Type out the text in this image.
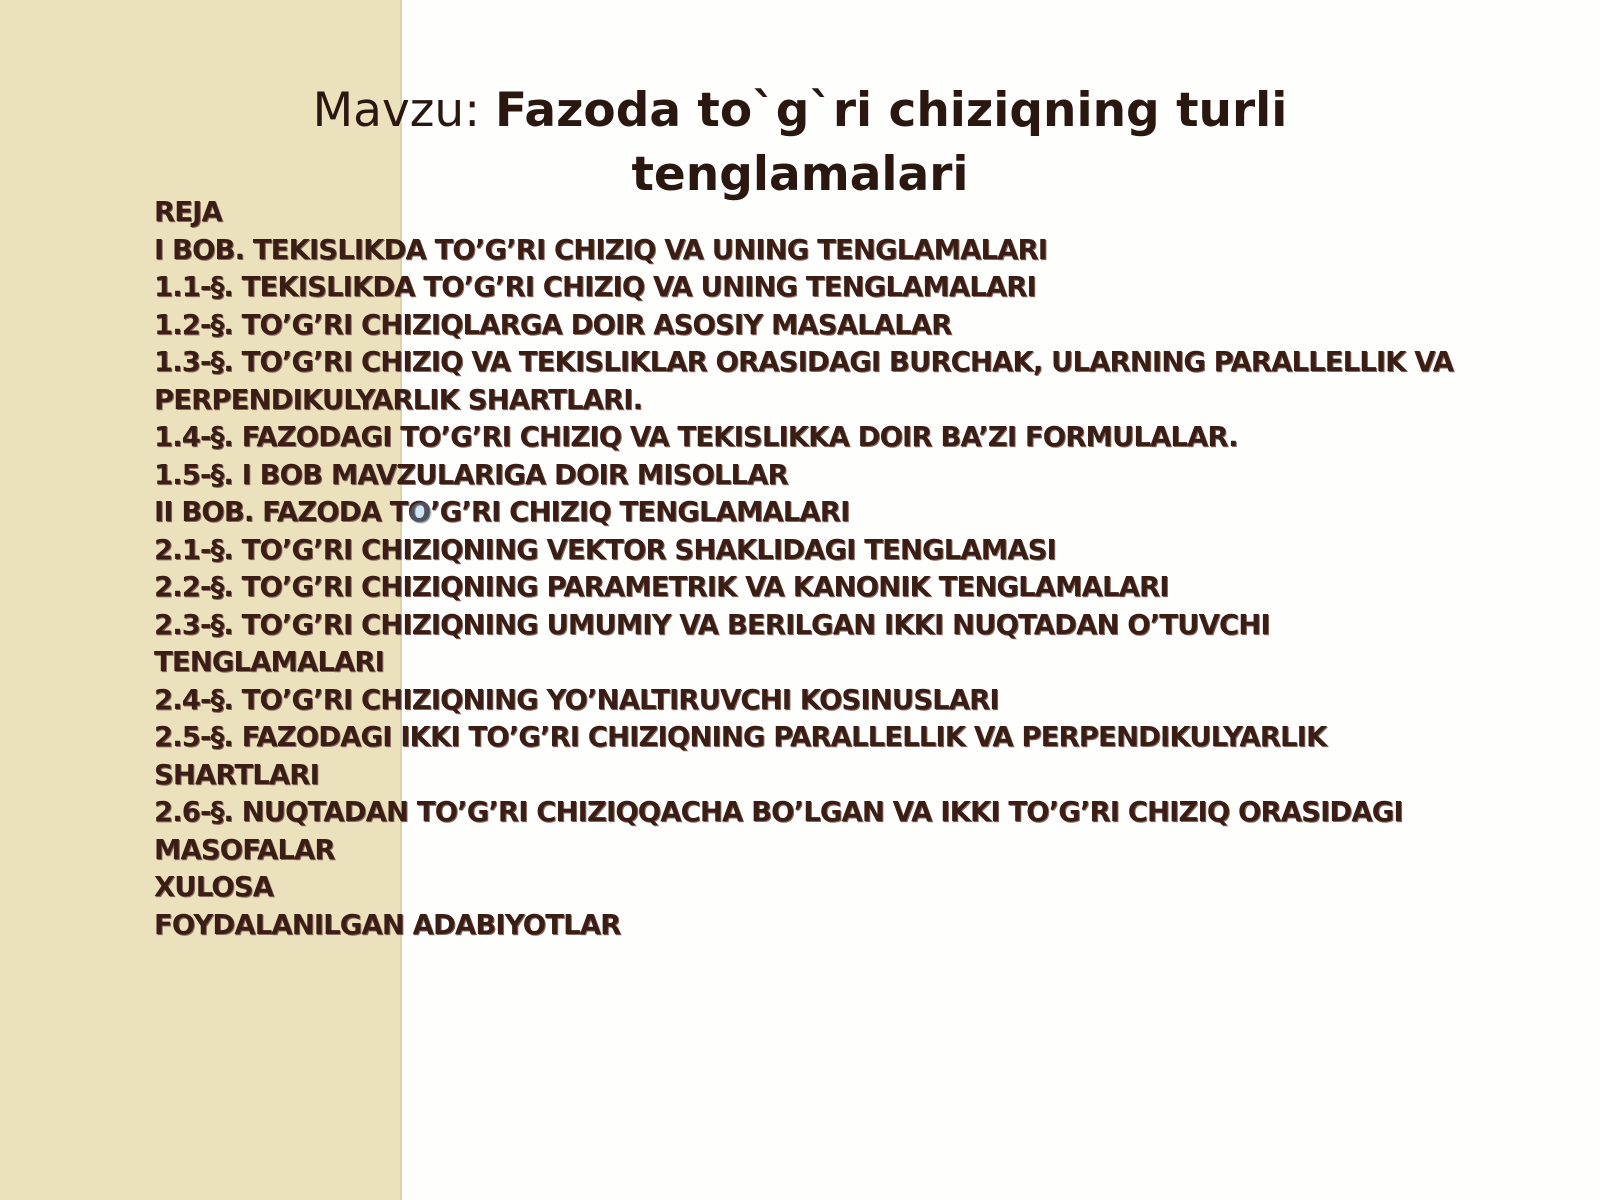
Mavzu: Fazoda to`g`ri chiziqning turli tenglamalari
REJA
I BOB. TEKISLIKDA TO’G’RI CHIZIQ VA UNING TENGLAMALARI
1.1-§. TEKISLIKDA TO’G’RI CHIZIQ VA UNING TENGLAMALARI
1.2-§. TO’G’RI CHIZIQLARGA DOIR ASOSIY MASALALAR
1.3-§. TO’G’RI CHIZIQ VA TEKISLIKLAR ORASIDAGI BURCHAK, ULARNING PARALLELLIK VA PERPENDIKULYARLIK SHARTLARI.
1.4-§. FAZODAGI TO’G’RI CHIZIQ VA TEKISLIKKA DOIR BA’ZI FORMULALAR.
1.5-§. I BOB MAVZULARIGA DOIR MISOLLAR
II BOB. FAZODA TO’G’RI CHIZIQ TENGLAMALARI
2.1-§. TO’G’RI CHIZIQNING VEKTOR SHAKLIDAGI TENGLAMASI
2.2-§. TO’G’RI CHIZIQNING PARAMETRIK VA KANONIK TENGLAMALARI
2.3-§. TO’G’RI CHIZIQNING UMUMIY VA BERILGAN IKKI NUQTADAN O’TUVCHI TENGLAMALARI
2.4-§. TO’G’RI CHIZIQNING YO’NALTIRUVCHI KOSINUSLARI
2.5-§. FAZODAGI IKKI TO’G’RI CHIZIQNING PARALLELLIK VA PERPENDIKULYARLIK SHARTLARI
2.6-§. NUQTADAN TO’G’RI CHIZIQQACHA BO’LGAN VA IKKI TO’G’RI CHIZIQ ORASIDAGI MASOFALAR
XULOSA
FOYDALANILGAN ADABIYOTLAR
